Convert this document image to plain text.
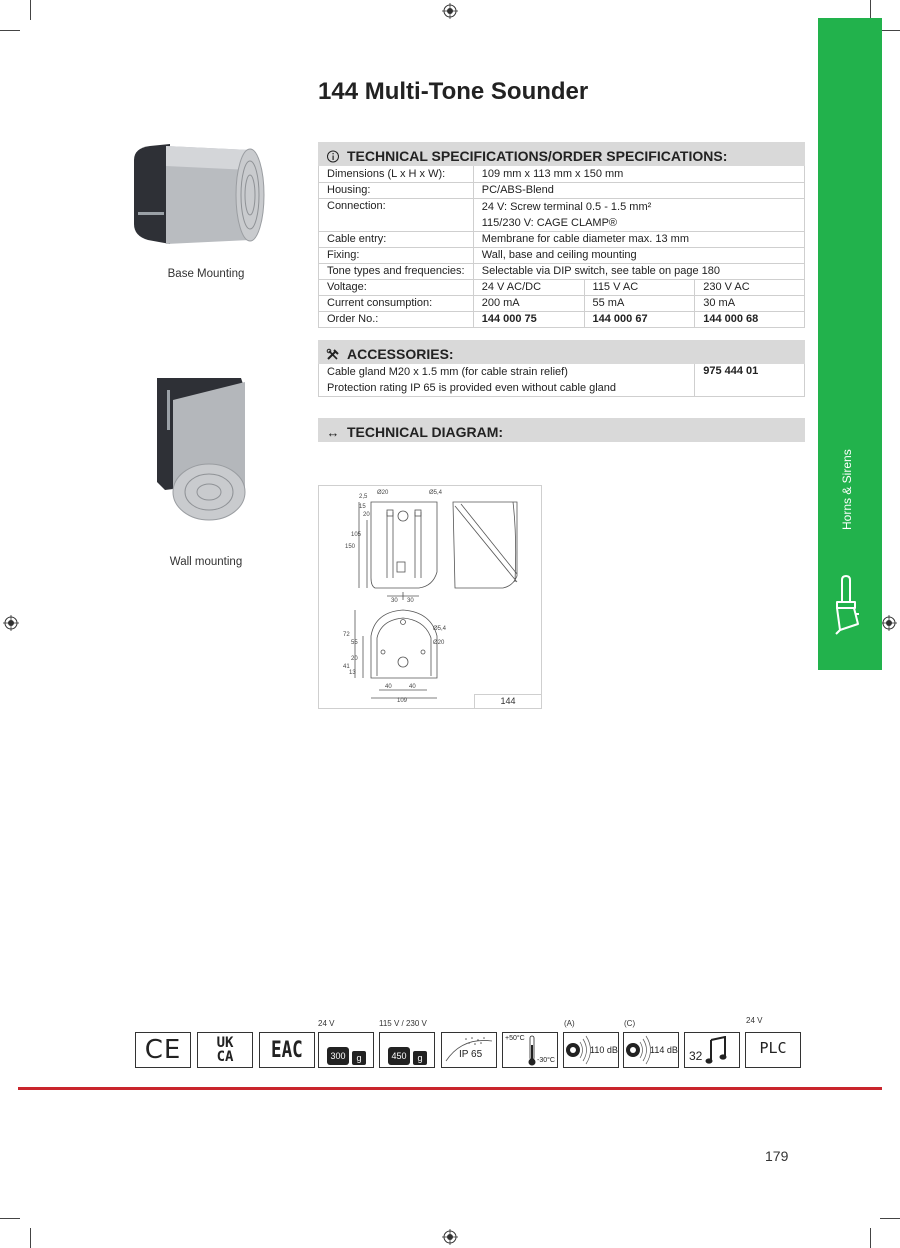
Horns & Sirens
144 Multi-Tone Sounder
Base Mounting
Wall mounting
TECHNICAL SPECIFICATIONS/ORDER SPECIFICATIONS:
Dimensions (L x H x W):	109 mm x 113 mm x 150 mm		
Housing:	PC/ABS-Blend		
Connection:	24 V: Screw terminal 0.5 - 1.5 mm²
115/230 V: CAGE CLAMP®		

Cable entry:	Membrane for cable diameter max. 13 mm		
Fixing:	Wall, base and ceiling mounting		
Tone types and frequencies:	Selectable via DIP switch, see table on page 180		
Voltage:	24 V AC/DC	115 V AC	230 V AC
Current consumption:	200 mA	55 mA	30 mA
Order No.:	144 000 75	144 000 67	144 000 68
ACCESSORIES:
Cable gland M20 x 1.5 mm (for cable strain relief)
Protection rating IP 65 is provided even without cable gland
	975 444 01
↔ TECHNICAL DIAGRAM:
Ø20	Ø5,4
2,5
15
20
150
105
30 30
72
55
41
20
13
Ø5,4
Ø20
40	40
109	144
CE	UK
CA	EAC
24 V
300	g
115 V / 230 V
450	g	IP 65
+50°C
-30°C
(A)
110 dB
(C)
114 dB 32
24 V
PLC
179
